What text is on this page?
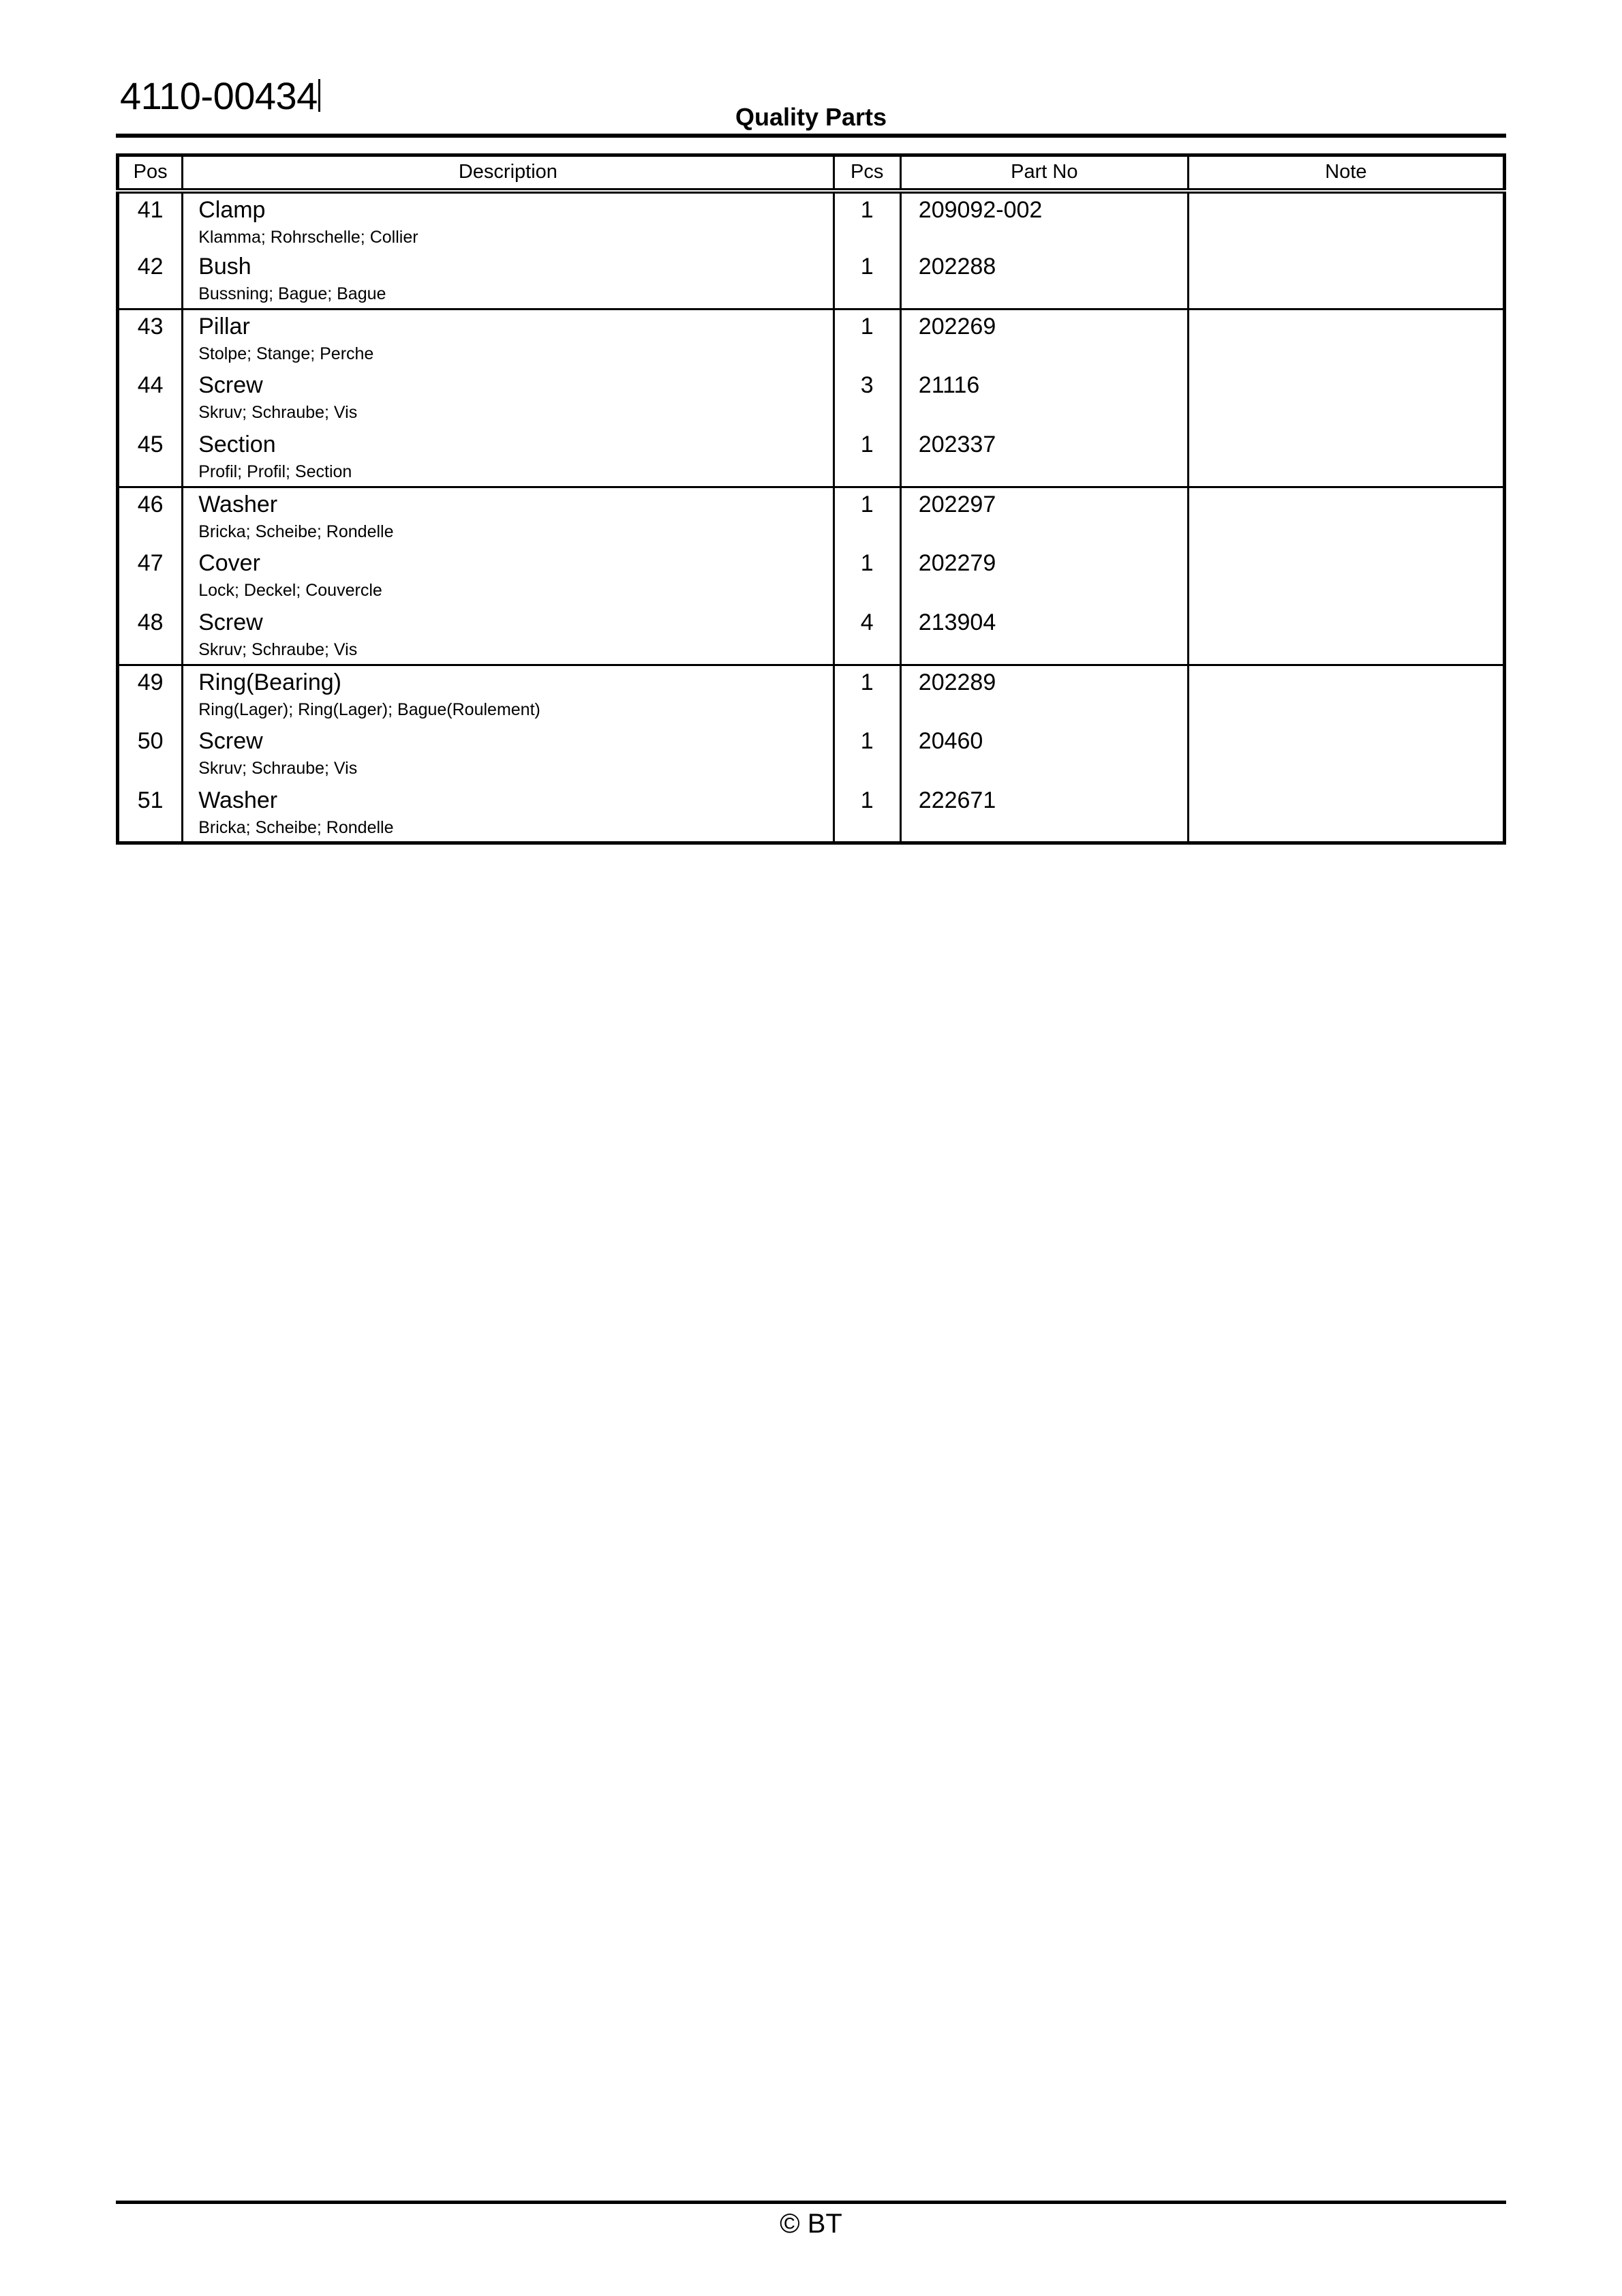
4110-00434	Quality Parts
Pos	Description	Pcs	Part No	Note
41	Clamp
Klamma; Rohrschelle; Collier	1	209092-002	
42	Bush
Bussning; Bague; Bague	1	202288	
43	Pillar
Stolpe; Stange; Perche	1	202269	
44	Screw
Skruv; Schraube; Vis	3	21116	
45	Section
Profil; Profil; Section	1	202337	
46	Washer
Bricka; Scheibe; Rondelle	1	202297	
47	Cover
Lock; Deckel; Couvercle	1	202279	
48	Screw
Skruv; Schraube; Vis	4	213904	
49	Ring(Bearing)
Ring(Lager); Ring(Lager); Bague(Roulement)	1	202289	
50	Screw
Skruv; Schraube; Vis	1	20460	
51	Washer
Bricka; Scheibe; Rondelle	1	222671	
© BT
